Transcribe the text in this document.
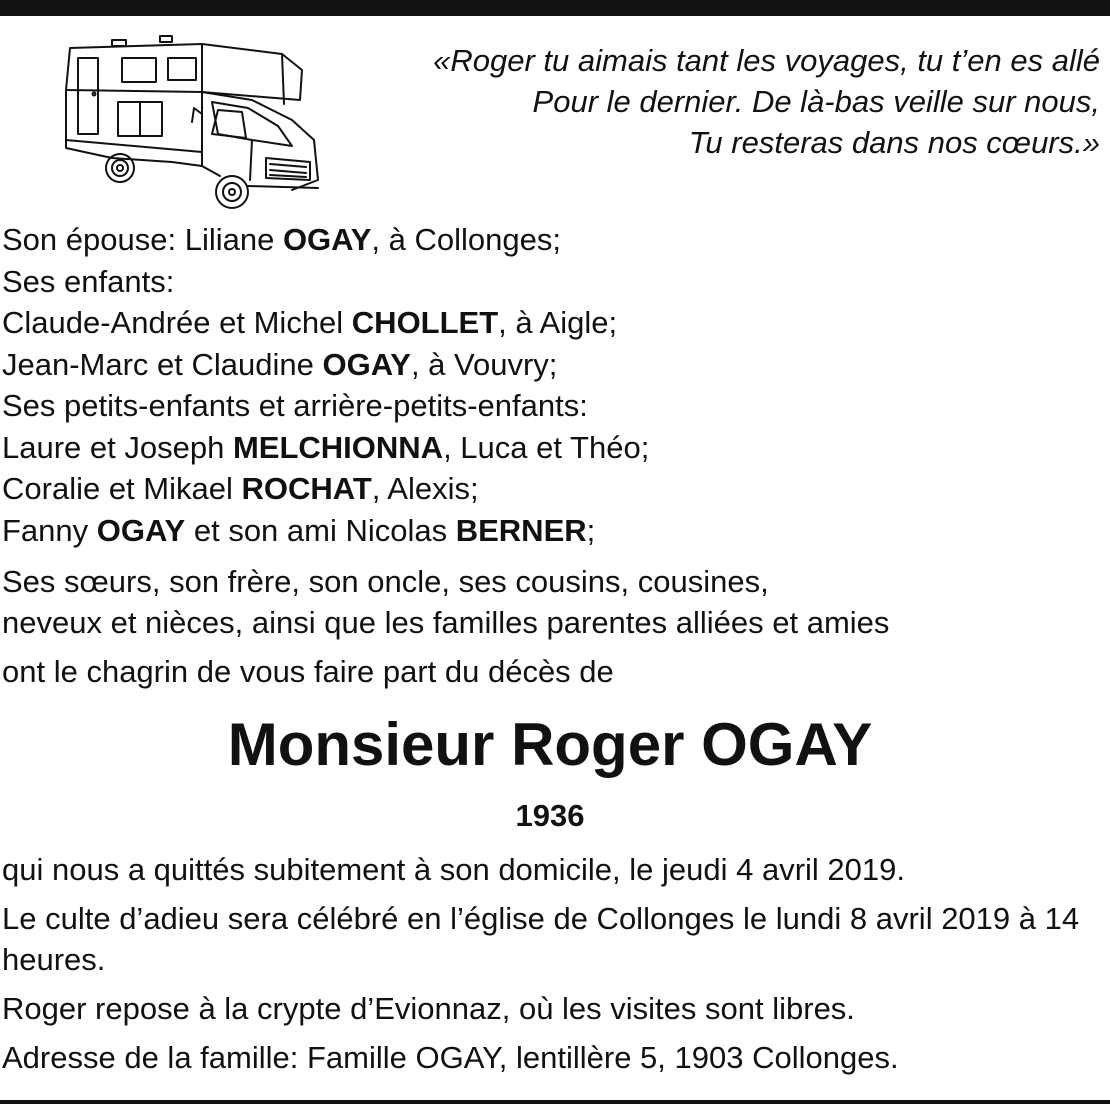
«Roger tu aimais tant les voyages, tu t’en es allé
Pour le dernier. De là-bas veille sur nous,
Tu resteras dans nos cœurs.»
Son épouse: Liliane OGAY, à Collonges;
Ses enfants:
Claude-Andrée et Michel CHOLLET, à Aigle;
Jean-Marc et Claudine OGAY, à Vouvry;
Ses petits-enfants et arrière-petits-enfants:
Laure et Joseph MELCHIONNA, Luca et Théo;
Coralie et Mikael ROCHAT, Alexis;
Fanny OGAY et son ami Nicolas BERNER;
Ses sœurs, son frère, son oncle, ses cousins, cousines,
neveux et nièces, ainsi que les familles parentes alliées et amies
ont le chagrin de vous faire part du décès de
Monsieur Roger OGAY
1936
qui nous a quittés subitement à son domicile, le jeudi 4 avril 2019.
Le culte d’adieu sera célébré en l’église de Collonges le lundi 8 avril 2019 à 14 heures.
Roger repose à la crypte d’Evionnaz, où les visites sont libres.
Adresse de la famille: Famille OGAY, lentillère 5, 1903 Collonges.
